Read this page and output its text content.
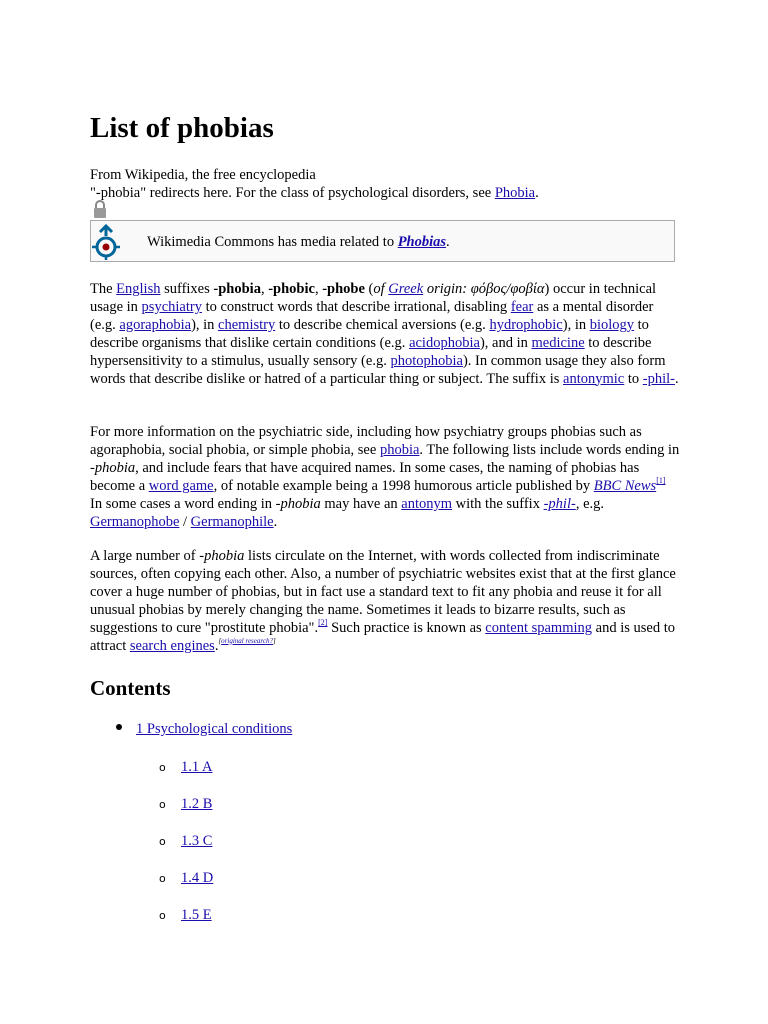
List of phobias
From Wikipedia, the free encyclopedia
"-phobia" redirects here. For the class of psychological disorders, see Phobia.
Wikimedia Commons has media related to Phobias.
The English suffixes -phobia, -phobic, -phobe (of Greek origin: φόβος/φοβία) occur in technical usage in psychiatry to construct words that describe irrational, disabling fear as a mental disorder (e.g. agoraphobia), in chemistry to describe chemical aversions (e.g. hydrophobic), in biology to describe organisms that dislike certain conditions (e.g. acidophobia), and in medicine to describe hypersensitivity to a stimulus, usually sensory (e.g. photophobia). In common usage they also form words that describe dislike or hatred of a particular thing or subject. The suffix is antonymic to -phil-.
For more information on the psychiatric side, including how psychiatry groups phobias such as agoraphobia, social phobia, or simple phobia, see phobia. The following lists include words ending in -phobia, and include fears that have acquired names. In some cases, the naming of phobias has become a word game, of notable example being a 1998 humorous article published by BBC News[1] In some cases a word ending in -phobia may have an antonym with the suffix -phil-, e.g. Germanophobe / Germanophile.
A large number of -phobia lists circulate on the Internet, with words collected from indiscriminate sources, often copying each other. Also, a number of psychiatric websites exist that at the first glance cover a huge number of phobias, but in fact use a standard text to fit any phobia and reuse it for all unusual phobias by merely changing the name. Sometimes it leads to bizarre results, such as suggestions to cure "prostitute phobia".[2] Such practice is known as content spamming and is used to attract search engines.[original research?]
Contents
1 Psychological conditions
o 1.1 A
o 1.2 B
o 1.3 C
o 1.4 D
o 1.5 E
